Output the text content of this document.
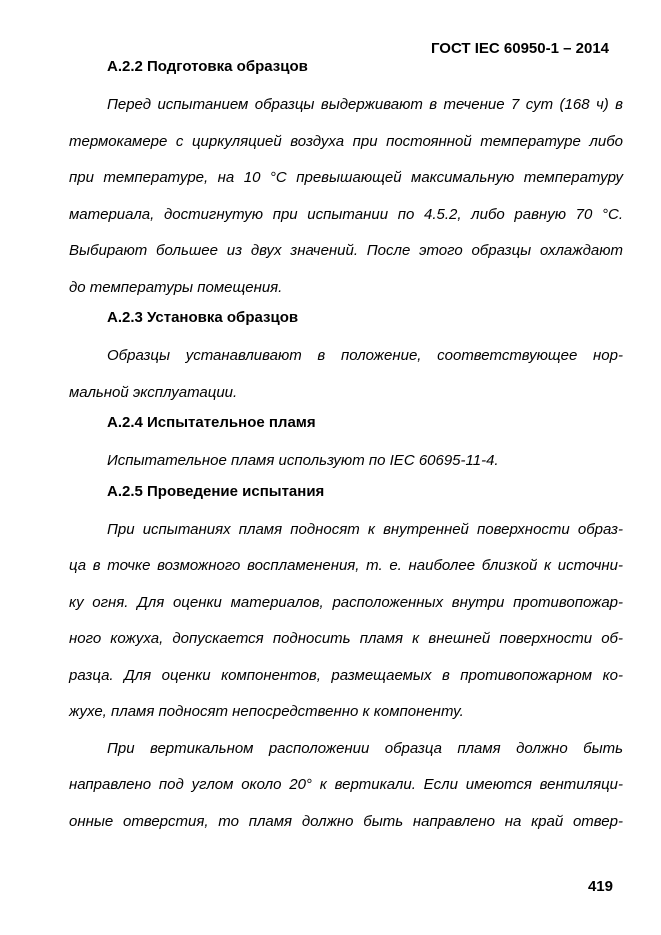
ГОСТ IEC 60950-1 – 2014
А.2.2 Подготовка образцов
Перед испытанием образцы выдерживают в течение 7 сут (168 ч) в
термокамере с циркуляцией воздуха при постоянной температуре либо
при температуре, на 10 °С превышающей максимальную температуру
материала, достигнутую при испытании по 4.5.2, либо равную 70 °С.
Выбирают большее из двух значений. После этого образцы охлаждают
до температуры помещения.
А.2.3 Установка образцов
Образцы устанавливают в положение, соответствующее нор-
мальной эксплуатации.
А.2.4 Испытательное пламя
Испытательное пламя используют по IEC 60695-11-4.
А.2.5 Проведение испытания
При испытаниях пламя подносят к внутренней поверхности образ-
ца в точке возможного воспламенения, т. е. наиболее близкой к источни-
ку огня. Для оценки материалов, расположенных внутри противопожар-
ного кожуха, допускается подносить пламя к внешней поверхности об-
разца. Для оценки компонентов, размещаемых в противопожарном ко-
жухе, пламя подносят непосредственно к компоненту.
При вертикальном расположении образца пламя должно быть
направлено под углом около 20° к вертикали. Если имеются вентиляци-
онные отверстия, то пламя должно быть направлено на край отвер-
419
